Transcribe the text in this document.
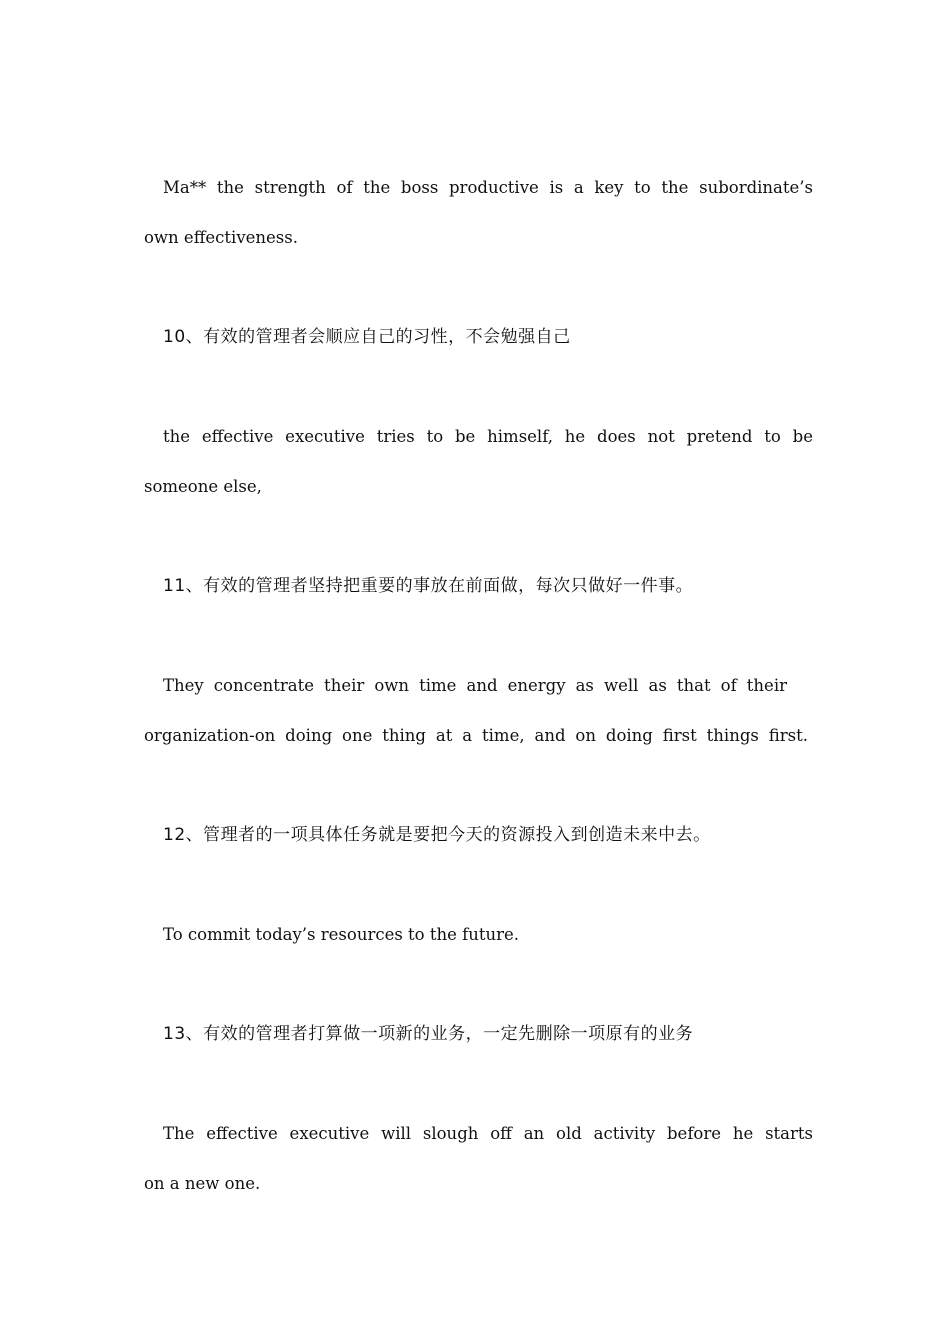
Ma** the strength of the boss productive is a key to the subordinate’s
own effectiveness.
10、有效的管理者会顺应自己的习性，不会勉强自己
the effective executive tries to be himself, he does not pretend to be
someone else,
11、有效的管理者坚持把重要的事放在前面做，每次只做好一件事。
They concentrate their own time and energy as well as that of their
organization-on doing one thing at a time, and on doing first things first.
12、管理者的一项具体任务就是要把今天的资源投入到创造未来中去。
To commit today’s resources to the future.
13、有效的管理者打算做一项新的业务，一定先删除一项原有的业务
The effective executive will slough off an old activity before he starts
on a new one.
